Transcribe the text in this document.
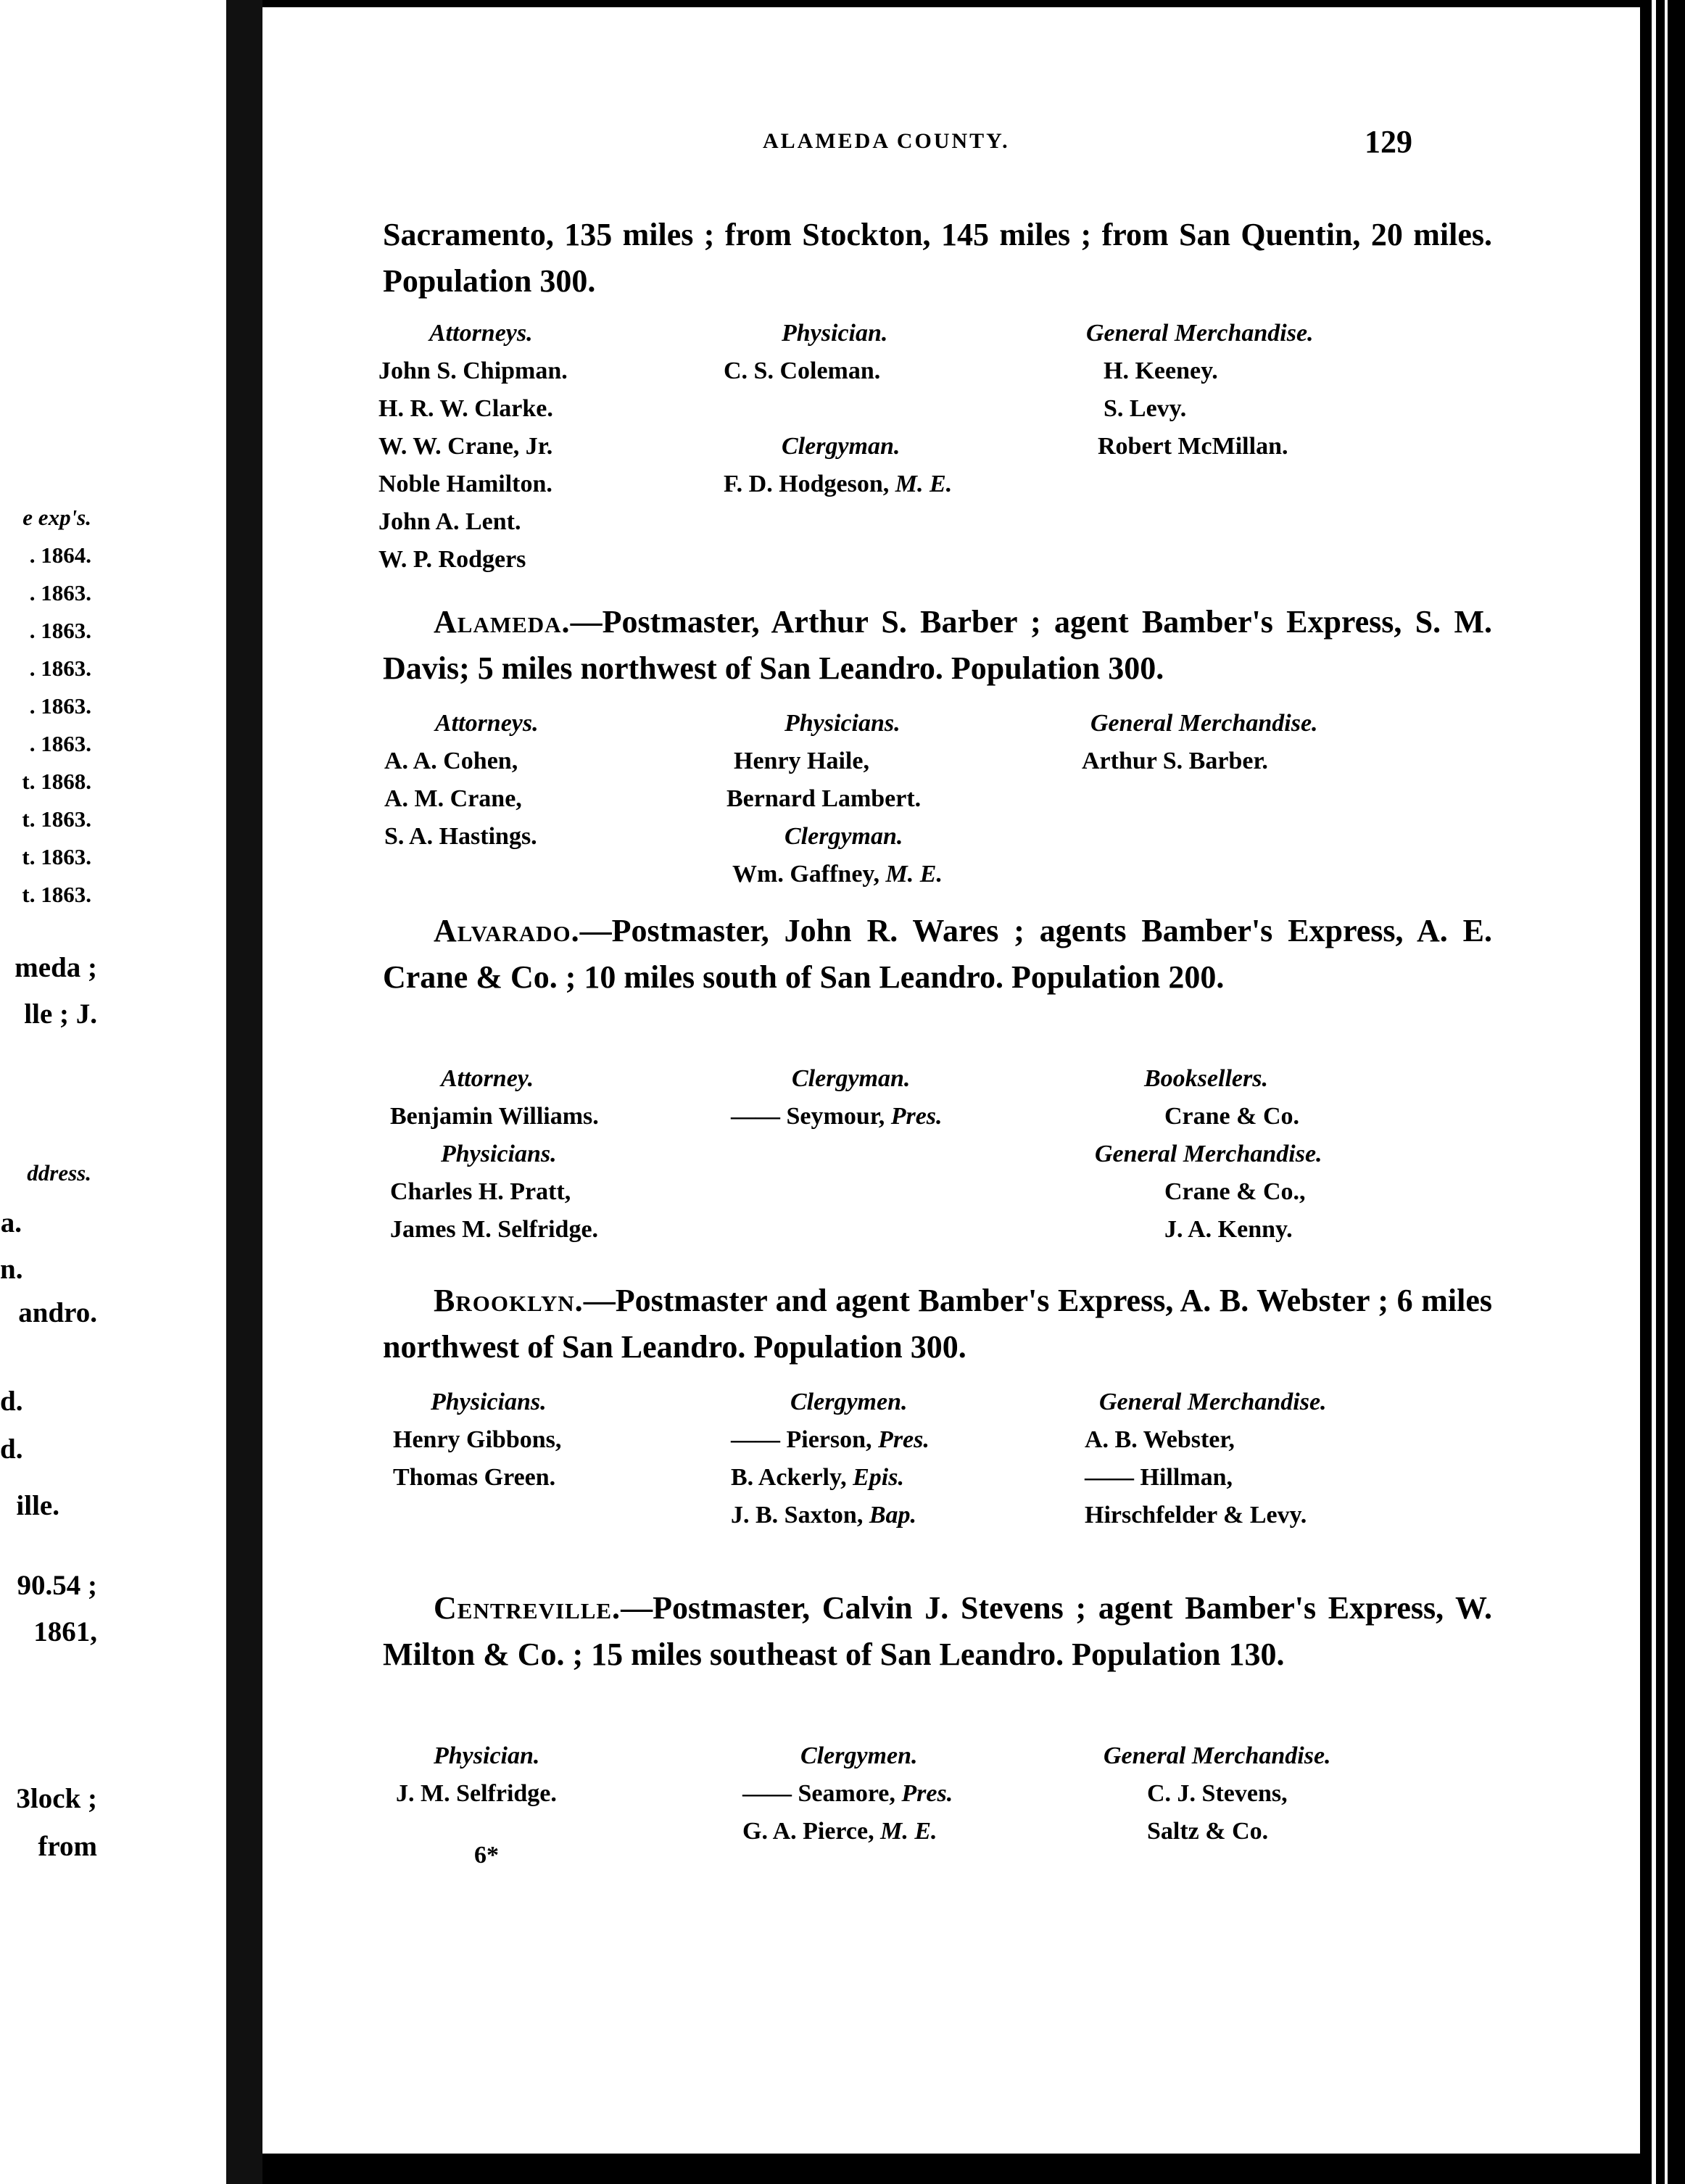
e exp's.
. 1864.
. 1863.
. 1863.
. 1863.
. 1863.
. 1863.
t. 1868.
t. 1863.
t. 1863.
t. 1863.
meda ;
lle ; J.
ddress.
a.
n.
andro.
d.
d.
ille.
90.54 ;
1861,
3lock ;
from
ALAMEDA COUNTY.	129
Sacramento, 135 miles ; from Stockton, 145 miles ; from San Quentin, 20 miles. Population 300.
Attorneys.
John S. Chipman.
H. R. W. Clarke.
W. W. Crane, Jr.
Noble Hamilton.
John A. Lent.
W. P. Rodgers
Physician.
C. S. Coleman.
Clergyman.
F. D. Hodgeson, M. E.
General Merchandise.
H. Keeney.
S. Levy.
Robert McMillan.
Alameda.—Postmaster, Arthur S. Barber ; agent Bamber's Express, S. M. Davis; 5 miles northwest of San Leandro. Population 300.
Attorneys.
A. A. Cohen,
A. M. Crane,
S. A. Hastings.
Physicians.
Henry Haile,
Bernard Lambert.
Clergyman.
Wm. Gaffney, M. E.
General Merchandise.
Arthur S. Barber.
Alvarado.—Postmaster, John R. Wares ; agents Bamber's Express, A. E. Crane & Co. ; 10 miles south of San Leandro. Population 200.
Attorney.
Benjamin Williams.
Physicians.
Charles H. Pratt,
James M. Selfridge.
Clergyman.
—— Seymour, Pres.
Booksellers.
Crane & Co.
General Merchandise.
Crane & Co.,
J. A. Kenny.
Brooklyn.—Postmaster and agent Bamber's Express, A. B. Webster ; 6 miles northwest of San Leandro. Population 300.
Physicians.
Henry Gibbons,
Thomas Green.
Clergymen.
—— Pierson, Pres.
B. Ackerly, Epis.
J. B. Saxton, Bap.
General Merchandise.
A. B. Webster,
—— Hillman,
Hirschfelder & Levy.
Centreville.—Postmaster, Calvin J. Stevens ; agent Bamber's Express, W. Milton & Co. ; 15 miles southeast of San Leandro. Population 130.
Physician.
J. M. Selfridge.
Clergymen.
—— Seamore, Pres.
G. A. Pierce, M. E.
General Merchandise.
C. J. Stevens,
Saltz & Co.
6*
